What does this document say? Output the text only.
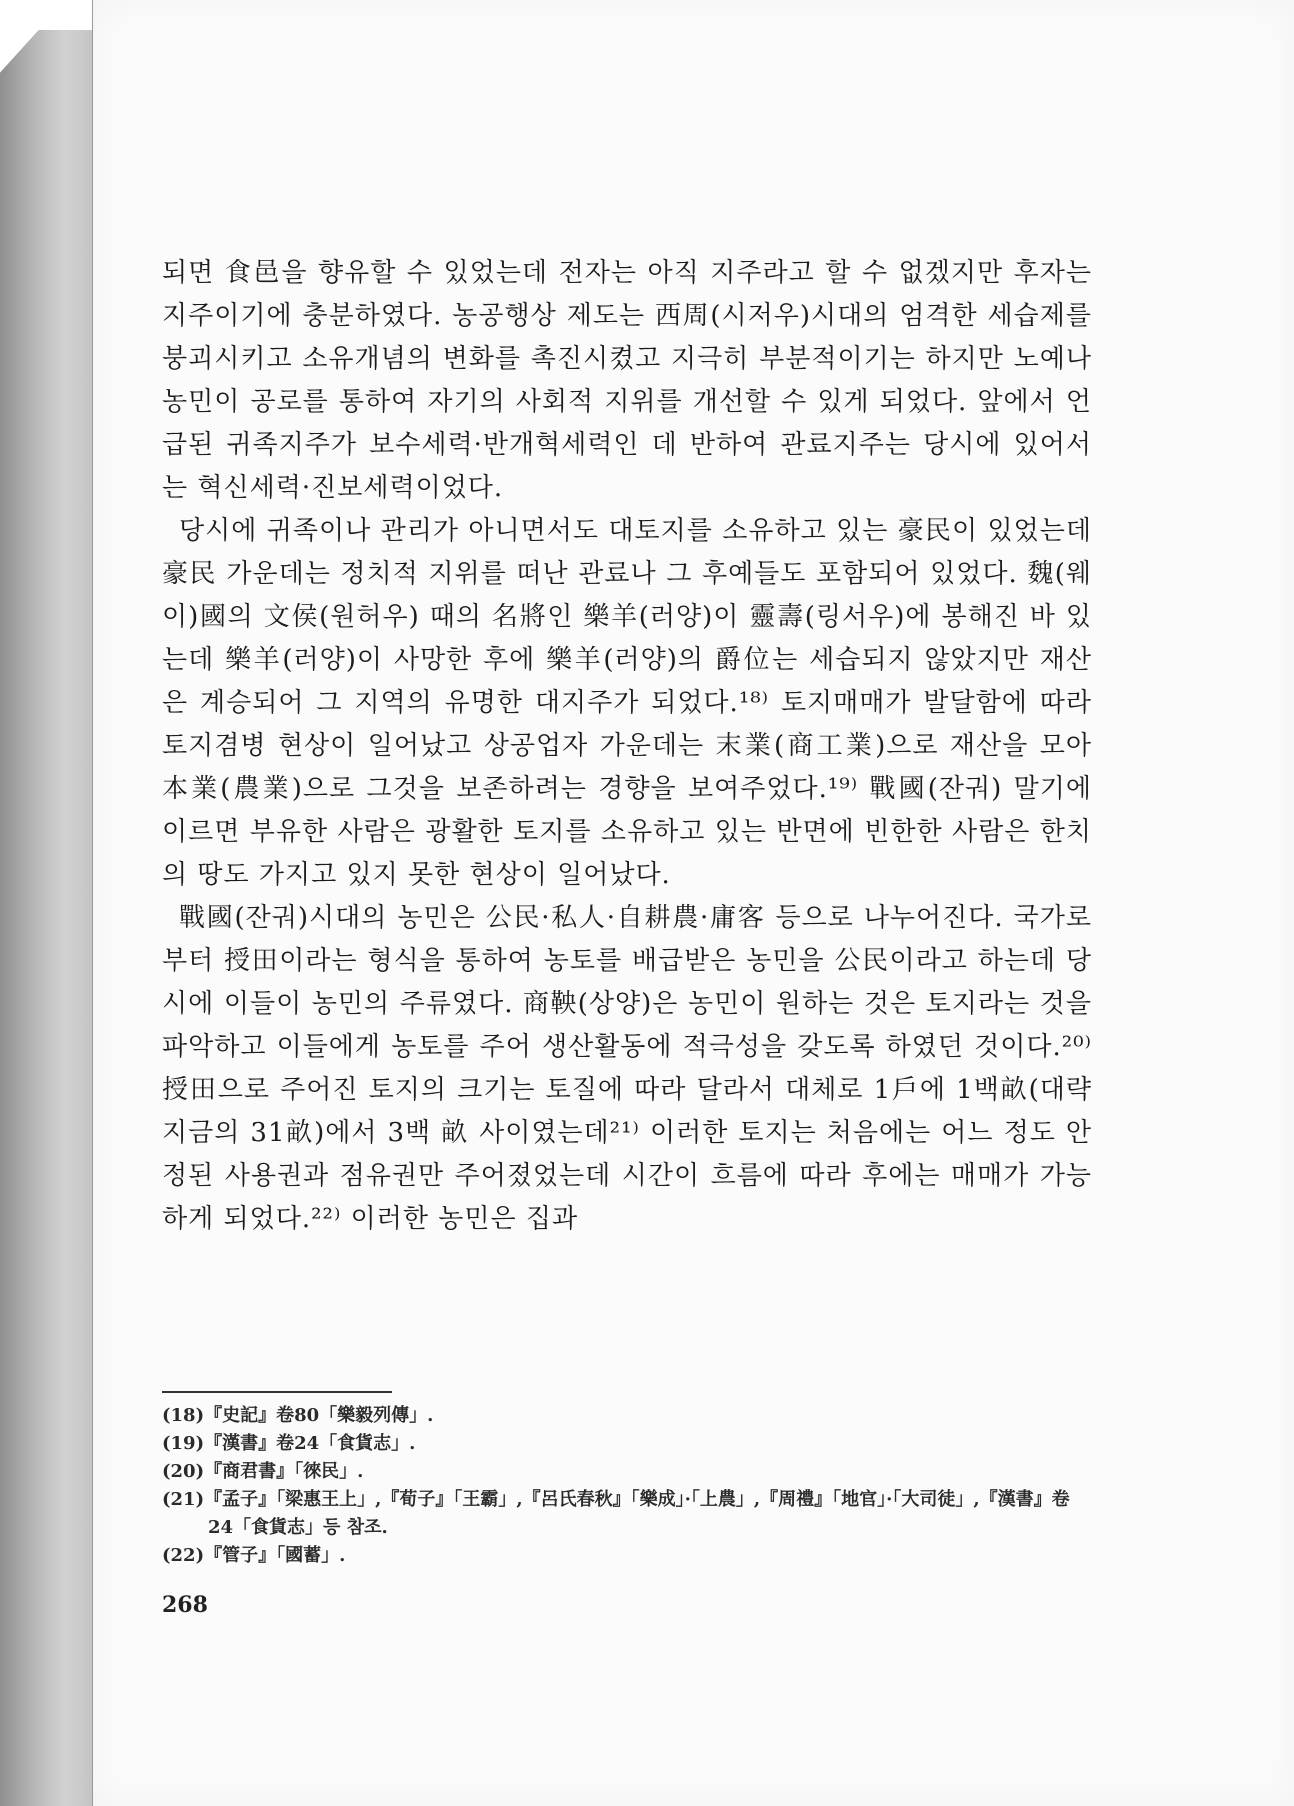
되면 食邑을 향유할 수 있었는데 전자는 아직 지주라고 할 수 없겠지만 후자는 지주이기에 충분하였다. 농공행상 제도는 西周(시저우)시대의 엄격한 세습제를 붕괴시키고 소유개념의 변화를 촉진시켰고 지극히 부분적이기는 하지만 노예나 농민이 공로를 통하여 자기의 사회적 지위를 개선할 수 있게 되었다. 앞에서 언급된 귀족지주가 보수세력·반개혁세력인 데 반하여 관료지주는 당시에 있어서는 혁신세력·진보세력이었다.

당시에 귀족이나 관리가 아니면서도 대토지를 소유하고 있는 豪民이 있었는데 豪民 가운데는 정치적 지위를 떠난 관료나 그 후예들도 포함되어 있었다. 魏(웨이)國의 文侯(원허우) 때의 名將인 樂羊(러양)이 靈壽(링서우)에 봉해진 바 있는데 樂羊(러양)이 사망한 후에 樂羊(러양)의 爵位는 세습되지 않았지만 재산은 계승되어 그 지역의 유명한 대지주가 되었다.¹⁸⁾ 토지매매가 발달함에 따라 토지겸병 현상이 일어났고 상공업자 가운데는 末業(商工業)으로 재산을 모아 本業(農業)으로 그것을 보존하려는 경향을 보여주었다.¹⁹⁾ 戰國(잔궈) 말기에 이르면 부유한 사람은 광활한 토지를 소유하고 있는 반면에 빈한한 사람은 한치의 땅도 가지고 있지 못한 현상이 일어났다.

戰國(잔궈)시대의 농민은 公民·私人·自耕農·庸客 등으로 나누어진다. 국가로부터 授田이라는 형식을 통하여 농토를 배급받은 농민을 公民이라고 하는데 당시에 이들이 농민의 주류였다. 商鞅(상양)은 농민이 원하는 것은 토지라는 것을 파악하고 이들에게 농토를 주어 생산활동에 적극성을 갖도록 하였던 것이다.²⁰⁾ 授田으로 주어진 토지의 크기는 토질에 따라 달라서 대체로 1戶에 1백畝(대략 지금의 31畝)에서 3백 畝 사이였는데²¹⁾ 이러한 토지는 처음에는 어느 정도 안정된 사용권과 점유권만 주어졌었는데 시간이 흐름에 따라 후에는 매매가 가능하게 되었다.²²⁾ 이러한 농민은 집과

(18)『史記』卷80「樂毅列傳」.

(19)『漢書』卷24「食貨志」.

(20)『商君書』「徠民」.

(21)『孟子』「梁惠王上」,『荀子』「王霸」,『呂氏春秋』「樂成」·「上農」,『周禮』「地官」·「大司徒」,『漢書』卷24「食貨志」등 참조.

(22)『管子』「國蓄」.

268
